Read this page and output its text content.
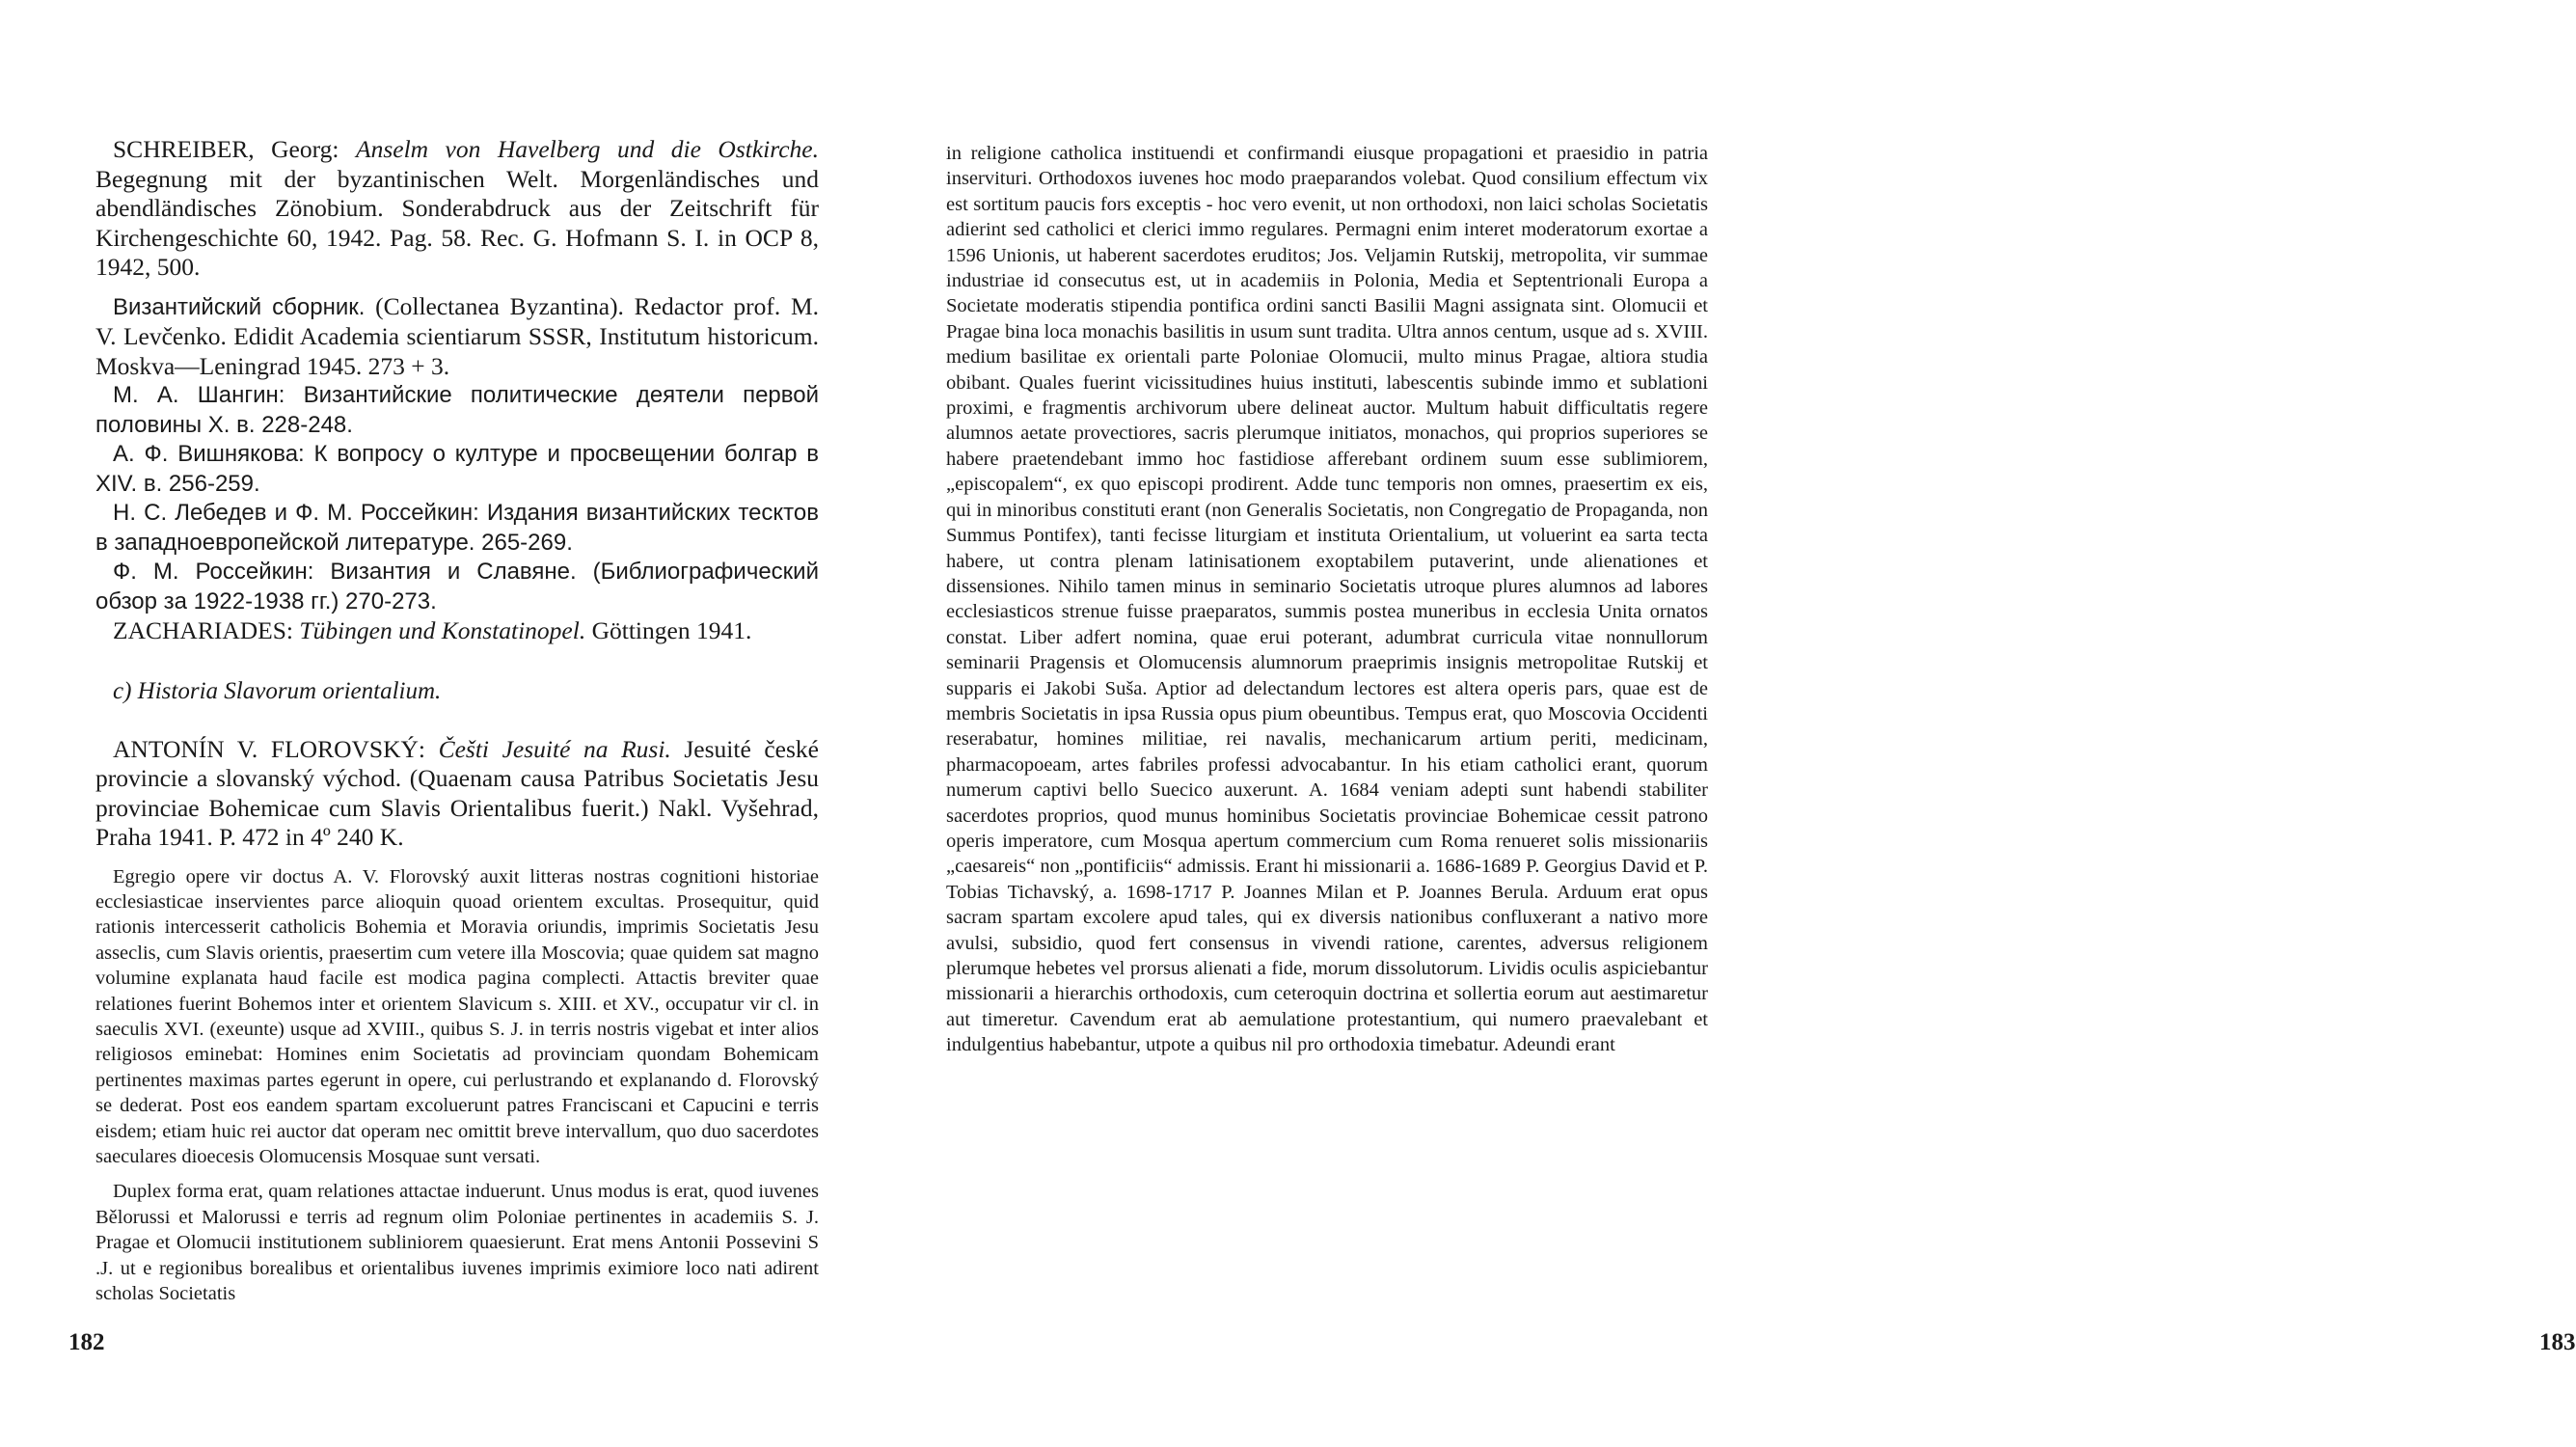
SCHREIBER, Georg: Anselm von Havelberg und die Ostkirche. Begegnung mit der byzantinischen Welt. Morgenländisches und abendländisches Zönobium. Sonderabdruck aus der Zeitschrift für Kirchengeschichte 60, 1942. Pag. 58. Rec. G. Hofmann S. I. in OCP 8, 1942, 500.

Византийский сборник. (Collectanea Byzantina). Redactor prof. M. V. Levčenko. Edidit Academia scientiarum SSSR, Institutum historicum. Moskva—Leningrad 1945. 273 + 3.

М. А. Шангин: Византийские политические деятели первой половины X. в. 228-248.

А. Ф. Вишнякова: К вопросу о културе и просвещении болгар в XIV. в. 256-259.

Н. С. Лебедев и Ф. М. Россейкин: Издания византийских тесктов в западноевропейской литературе. 265-269.

Ф. М. Россейкин: Византия и Славяне. (Библиографический обзор за 1922-1938 гг.) 270-273.

ZACHARIADES: Tübingen und Konstatinopel. Göttingen 1941.

c) Historia Slavorum orientalium.

ANTONÍN V. FLOROVSKÝ: Češti Jesuité na Rusi. Jesuité české provincie a slovanský východ. (Quaenam causa Patribus Societatis Jesu provinciae Bohemicae cum Slavis Orientalibus fuerit.) Nakl. Vyšehrad, Praha 1941. P. 472 in 4º 240 K.

Egregio opere vir doctus A. V. Florovský auxit litteras nostras cognitioni historiae ecclesiasticae inservientes parce alioquin quoad orientem excultas. Prosequitur, quid rationis intercesserit catholicis Bohemia et Moravia oriundis, imprimis Societatis Jesu asseclis, cum Slavis orientis, praesertim cum vetere illa Moscovia; quae quidem sat magno volumine explanata haud facile est modica pagina complecti. Attactis breviter quae relationes fuerint Bohemos inter et orientem Slavicum s. XIII. et XV., occupatur vir cl. in saeculis XVI. (exeunte) usque ad XVIII., quibus S. J. in terris nostris vigebat et inter alios religiosos eminebat: Homines enim Societatis ad provinciam quondam Bohemicam pertinentes maximas partes egerunt in opere, cui perlustrando et explanando d. Florovský se dederat. Post eos eandem spartam excoluerunt patres Franciscani et Capucini e terris eisdem; etiam huic rei auctor dat operam nec omittit breve intervallum, quo duo sacerdotes saeculares dioecesis Olomucensis Mosquae sunt versati.

Duplex forma erat, quam relationes attactae induerunt. Unus modus is erat, quod iuvenes Bělorussi et Malorussi e terris ad regnum olim Poloniae pertinentes in academiis S. J. Pragae et Olomucii institutionem subliniorem quaesierunt. Erat mens Antonii Possevini S .J. ut e regionibus borealibus et orientalibus iuvenes imprimis eximiore loco nati adirent scholas Societatis

182

in religione catholica instituendi et confirmandi eiusque propagationi et praesidio in patria inservituri. Orthodoxos iuvenes hoc modo praeparandos volebat. Quod consilium effectum vix est sortitum paucis fors exceptis - hoc vero evenit, ut non orthodoxi, non laici scholas Societatis adierint sed catholici et clerici immo regulares. Permagni enim interet moderatorum exortae a 1596 Unionis, ut haberent sacerdotes eruditos; Jos. Veljamin Rutskij, metropolita, vir summae industriae id consecutus est, ut in academiis in Polonia, Media et Septentrionali Europa a Societate moderatis stipendia pontifica ordini sancti Basilii Magni assignata sint. Olomucii et Pragae bina loca monachis basilitis in usum sunt tradita. Ultra annos centum, usque ad s. XVIII. medium basilitae ex orientali parte Poloniae Olomucii, multo minus Pragae, altiora studia obibant. Quales fuerint vicissitudines huius instituti, labescentis subinde immo et sublationi proximi, e fragmentis archivorum ubere delineat auctor. Multum habuit difficultatis regere alumnos aetate provectiores, sacris plerumque initiatos, monachos, qui proprios superiores se habere praetendebant immo hoc fastidiose afferebant ordinem suum esse sublimiorem, „episcopalem“, ex quo episcopi prodirent. Adde tunc temporis non omnes, praesertim ex eis, qui in minoribus constituti erant (non Generalis Societatis, non Congregatio de Propaganda, non Summus Pontifex), tanti fecisse liturgiam et instituta Orientalium, ut voluerint ea sarta tecta habere, ut contra plenam latinisationem exoptabilem putaverint, unde alienationes et dissensiones. Nihilo tamen minus in seminario Societatis utroque plures alumnos ad labores ecclesiasticos strenue fuisse praeparatos, summis postea muneribus in ecclesia Unita ornatos constat. Liber adfert nomina, quae erui poterant, adumbrat curricula vitae nonnullorum seminarii Pragensis et Olomucensis alumnorum praeprimis insignis metropolitae Rutskij et supparis ei Jakobi Suša. Aptior ad delectandum lectores est altera operis pars, quae est de membris Societatis in ipsa Russia opus pium obeuntibus. Tempus erat, quo Moscovia Occidenti reserabatur, homines militiae, rei navalis, mechanicarum artium periti, medicinam, pharmacopoeam, artes fabriles professi advocabantur. In his etiam catholici erant, quorum numerum captivi bello Suecico auxerunt. A. 1684 veniam adepti sunt habendi stabiliter sacerdotes proprios, quod munus hominibus Societatis provinciae Bohemicae cessit patrono operis imperatore, cum Mosqua apertum commercium cum Roma renueret solis missionariis „caesareis“ non „pontificiis“ admissis. Erant hi missionarii a. 1686-1689 P. Georgius David et P. Tobias Tichavský, a. 1698-1717 P. Joannes Milan et P. Joannes Berula. Arduum erat opus sacram spartam excolere apud tales, qui ex diversis nationibus confluxerant a nativo more avulsi, subsidio, quod fert consensus in vivendi ratione, carentes, adversus religionem plerumque hebetes vel prorsus alienati a fide, morum dissolutorum. Lividis oculis aspiciebantur missionarii a hierarchis orthodoxis, cum ceteroquin doctrina et sollertia eorum aut aestimaretur aut timeretur. Cavendum erat ab aemulatione protestantium, qui numero praevalebant et indulgentius habebantur, utpote a quibus nil pro orthodoxia timebatur. Adeundi erant

183
